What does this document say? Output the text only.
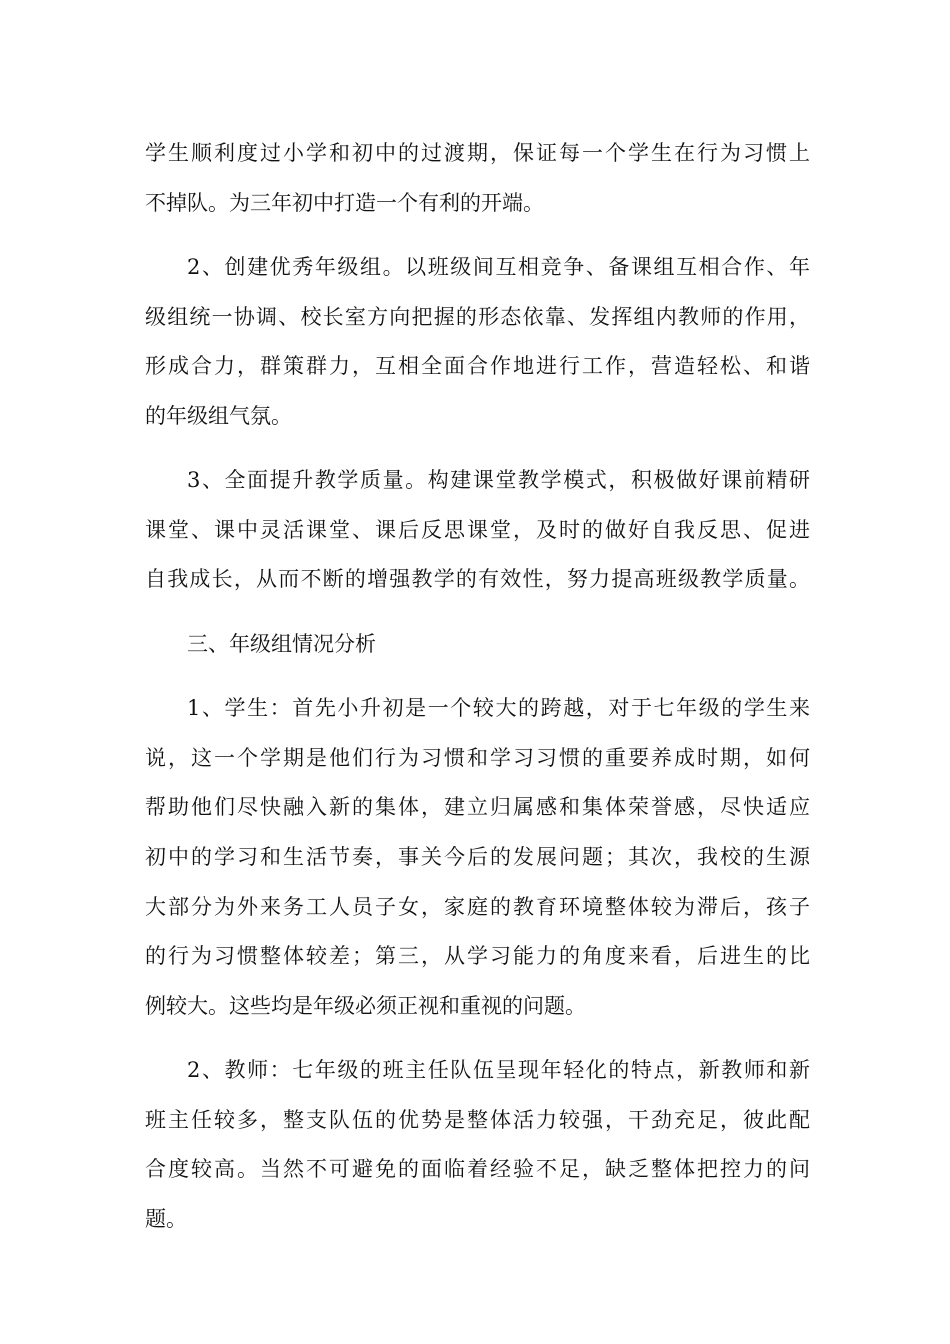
学生顺利度过小学和初中的过渡期，保证每一个学生在行为习惯上
不掉队。为三年初中打造一个有利的开端。
2、创建优秀年级组。以班级间互相竞争、备课组互相合作、年
级组统一协调、校长室方向把握的形态依靠、发挥组内教师的作用，
形成合力，群策群力，互相全面合作地进行工作，营造轻松、和谐
的年级组气氛。
3、全面提升教学质量。构建课堂教学模式，积极做好课前精研
课堂、课中灵活课堂、课后反思课堂，及时的做好自我反思、促进
自我成长，从而不断的增强教学的有效性，努力提高班级教学质量。
三、年级组情况分析
1、学生：首先小升初是一个较大的跨越，对于七年级的学生来
说，这一个学期是他们行为习惯和学习习惯的重要养成时期，如何
帮助他们尽快融入新的集体，建立归属感和集体荣誉感，尽快适应
初中的学习和生活节奏，事关今后的发展问题；其次，我校的生源
大部分为外来务工人员子女，家庭的教育环境整体较为滞后，孩子
的行为习惯整体较差；第三，从学习能力的角度来看，后进生的比
例较大。这些均是年级必须正视和重视的问题。
2、教师：七年级的班主任队伍呈现年轻化的特点，新教师和新
班主任较多，整支队伍的优势是整体活力较强，干劲充足，彼此配
合度较高。当然不可避免的面临着经验不足，缺乏整体把控力的问
题。
